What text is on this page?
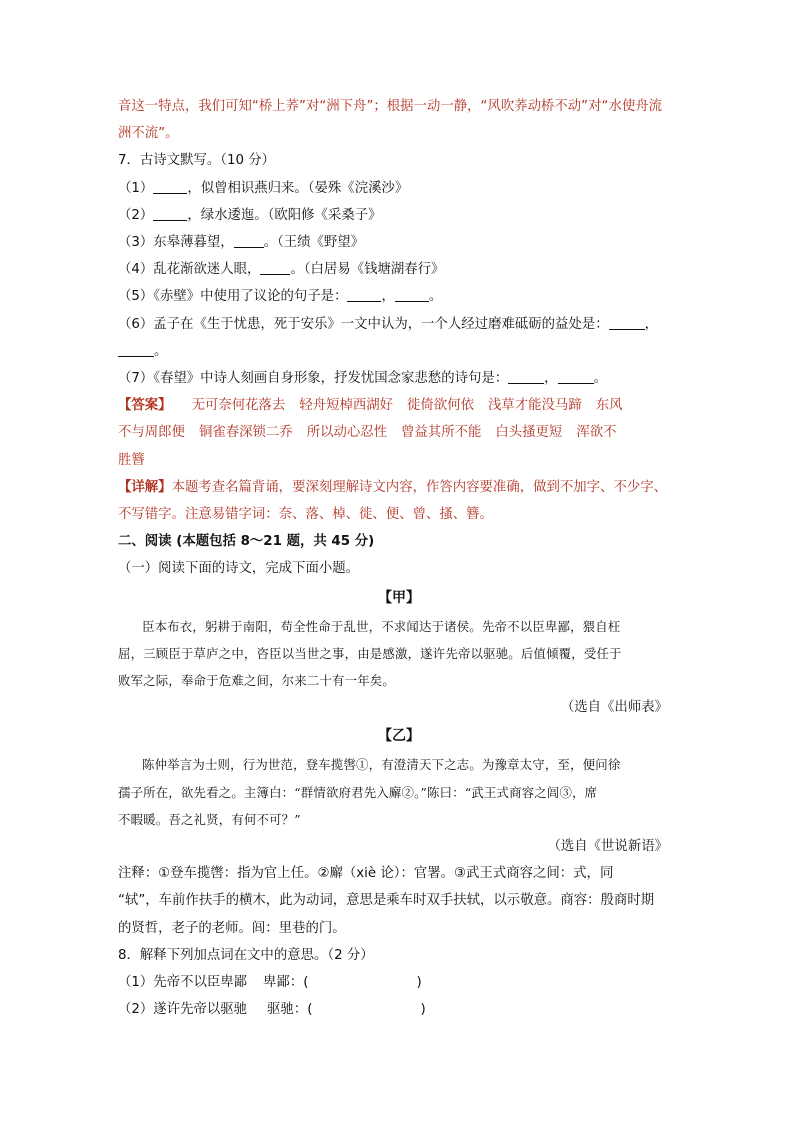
音这一特点，我们可知“桥上荞”对“洲下舟”；根据一动一静，“风吹荞动桥不动”对“水使舟流
洲不流”。
7．古诗文默写。（10 分）
（1）	，似曾相识燕归来。（晏殊《浣溪沙》
（2）	，绿水逶迤。（欧阳修《采桑子》
（3）东皋薄暮望， 。（王绩《野望》
（4）乱花渐欲迷人眼， 。（白居易《钱塘湖春行》
（5）《赤壁》中使用了议论的句子是：	，	。
（6）孟子在《生于忧患，死于安乐》一文中认为，一个人经过磨难砥砺的益处是：	，
。
（7）《春望》中诗人刻画自身形象，抒发忧国念家悲愁的诗句是：	，	。
【答案】 无可奈何花落去 轻舟短棹西湖好 徙倚欲何依 浅草才能没马蹄 东风
不与周郎便 铜雀春深锁二乔 所以动心忍性 曾益其所不能 白头搔更短 浑欲不
胜簪
【详解】本题考查名篇背诵，要深刻理解诗文内容，作答内容要准确，做到不加字、不少字、
不写错字。注意易错字词：奈、落、棹、徙、便、曾、搔、簪。
二、阅读 (本题包括 8～21 题，共 45 分)
（一）阅读下面的诗文，完成下面小题。
【甲】
臣本布衣，躬耕于南阳，苟全性命于乱世，不求闻达于诸侯。先帝不以臣卑鄙，猥自枉
屈，三顾臣于草庐之中，咨臣以当世之事，由是感激，遂许先帝以驱驰。后值倾覆，受任于
败军之际，奉命于危难之间，尔来二十有一年矣。
（选自《出师表》
【乙】
陈仲举言为士则，行为世范，登车揽辔①，有澄清天下之志。为豫章太守，至，便问徐
孺子所在，欲先看之。主簿白：“群情欲府君先入廨②。”陈曰：“武王式商容之闾③，席
不暇暖。吾之礼贤，有何不可？”
（选自《世说新语》
注释：①登车揽辔：指为官上任。②廨（xiè 论）：官署。③武王式商容之间：式，同
“轼”，车前作扶手的横木，此为动词，意思是乘车时双手扶轼，以示敬意。商容：殷商时期
的贤哲，老子的老师。闾：里巷的门。
8．解释下列加点词在文中的意思。（2 分）
（1）先帝不以臣卑鄙 卑鄙：(	)
（2）遂许先帝以驱驰 驱驰：(	)
